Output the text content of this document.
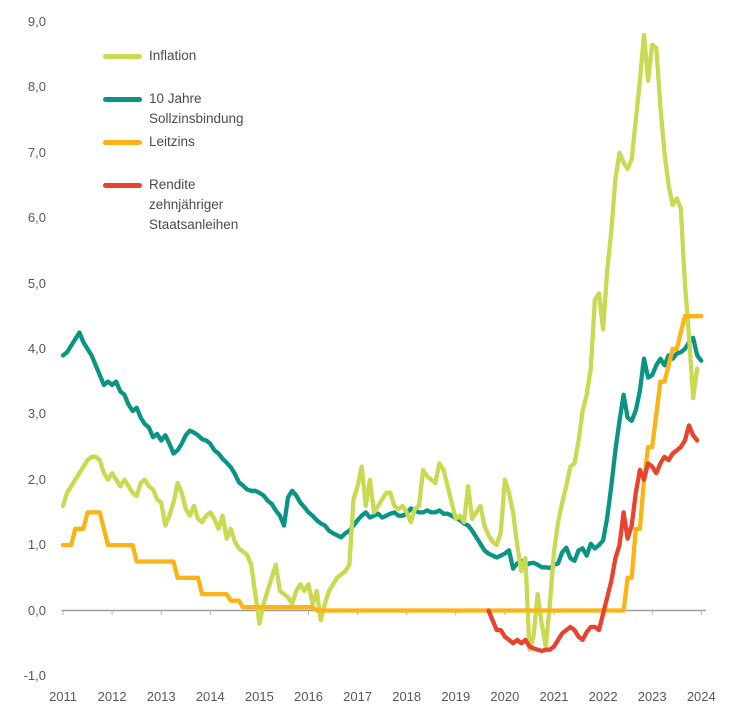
9,0
8,0
7,0
6,0
5,0
4,0
3,0
2,0
1,0
0,0
-1,0
2011	2012	2013	2014	2015	2016	2017	2018	2019	2020	2021	2022	2023	2024
Inflation
10 Jahre Sollzinsbindung
Leitzins
Rendite zehnjähriger Staatsanleihen
